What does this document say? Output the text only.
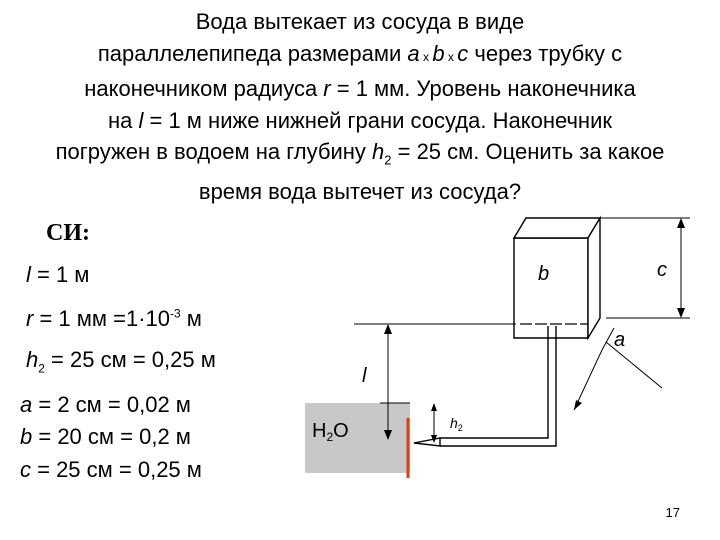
Вода вытекает из сосуда в виде
параллелепипеда размерами a x b x c через трубку с
наконечником радиуса r = 1 мм. Уровень наконечника
на l = 1 м ниже нижней грани сосуда. Наконечник
погружен в водоем на глубину $h_2 = 25$ см. Оценить за какое
время вода вытечет из сосуда?
СИ:
l = 1 м
r = 1 мм $=1\cdot 10^{-3}$ м
$h_2 = 25$ см = 0,25 м
a = 2 см = 0,02 м
b = 20 см = 0,2 м
c = 25 см = 0,25 м
b	c
a
l
$h_2$
$H_2O$
17
